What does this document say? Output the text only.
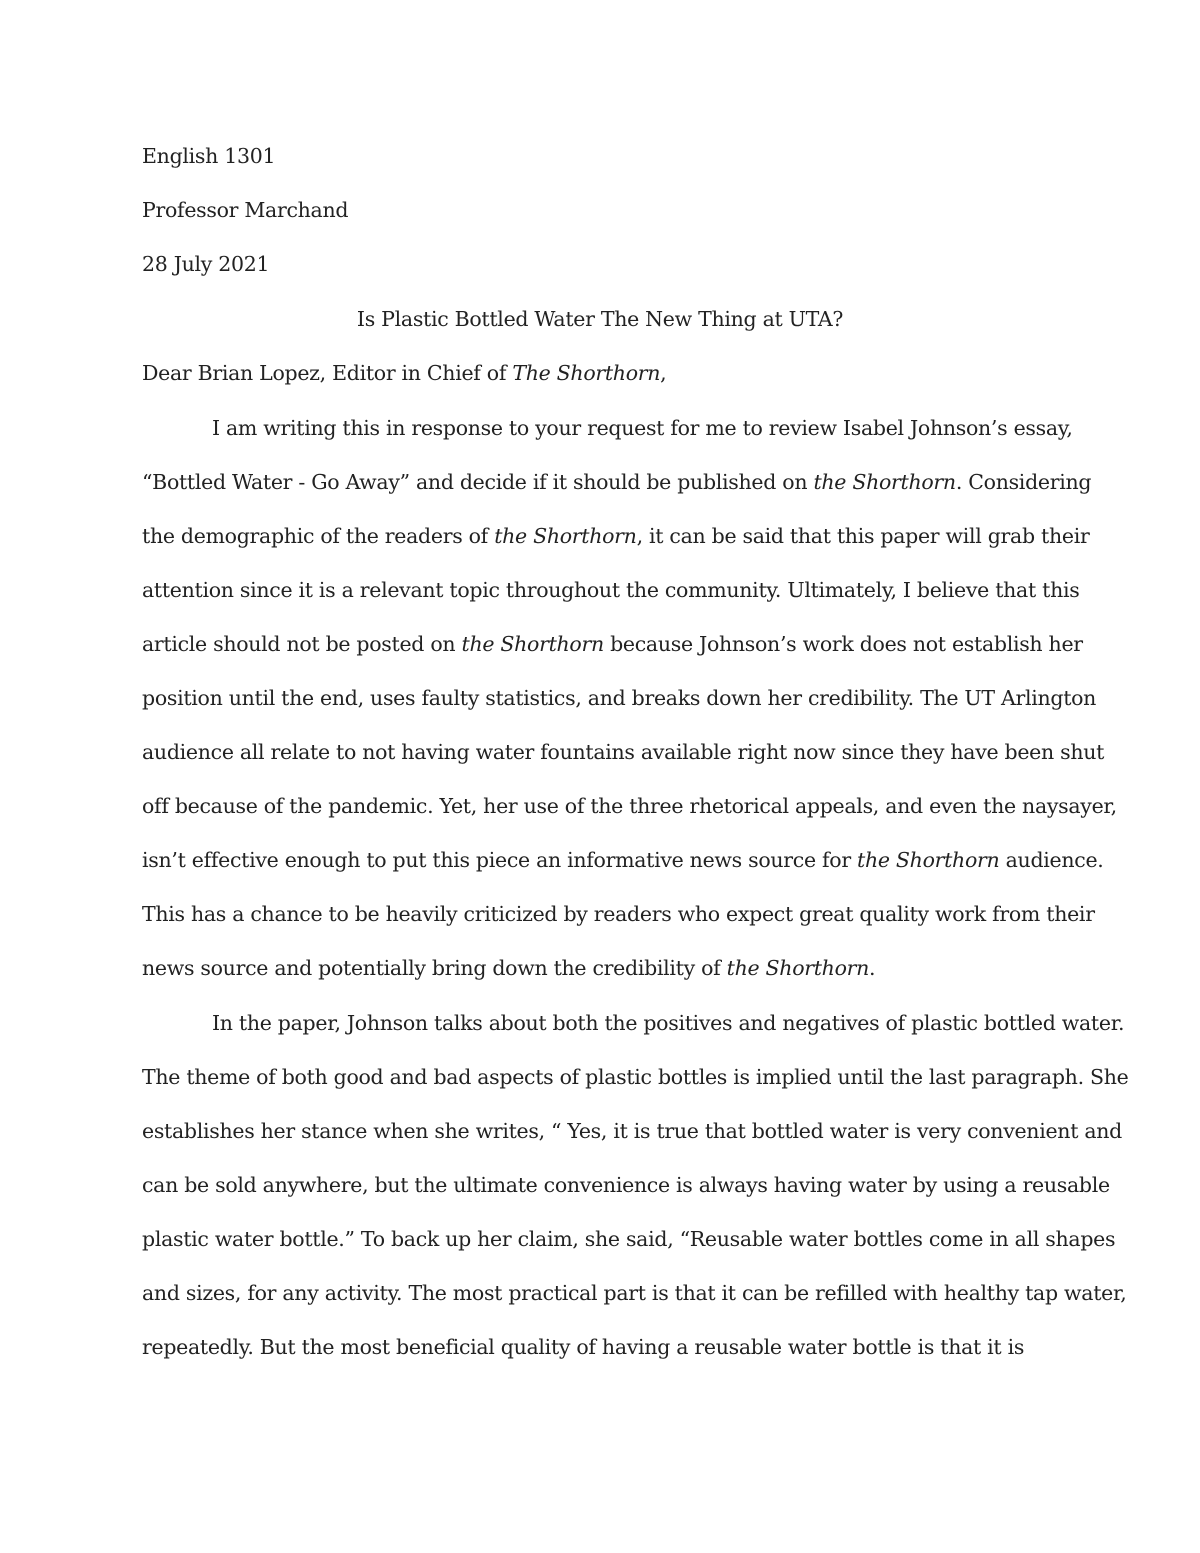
English 1301
Professor Marchand
28 July 2021
Is Plastic Bottled Water The New Thing at UTA?
Dear Brian Lopez, Editor in Chief of The Shorthorn,
I am writing this in response to your request for me to review Isabel Johnson’s essay,
“Bottled Water - Go Away” and decide if it should be published on the Shorthorn. Considering
the demographic of the readers of the Shorthorn, it can be said that this paper will grab their
attention since it is a relevant topic throughout the community. Ultimately, I believe that this
article should not be posted on the Shorthorn because Johnson’s work does not establish her
position until the end, uses faulty statistics, and breaks down her credibility. The UT Arlington
audience all relate to not having water fountains available right now since they have been shut
off because of the pandemic. Yet, her use of the three rhetorical appeals, and even the naysayer,
isn’t effective enough to put this piece an informative news source for the Shorthorn audience.
This has a chance to be heavily criticized by readers who expect great quality work from their
news source and potentially bring down the credibility of the Shorthorn.
In the paper, Johnson talks about both the positives and negatives of plastic bottled water.
The theme of both good and bad aspects of plastic bottles is implied until the last paragraph. She
establishes her stance when she writes, “ Yes, it is true that bottled water is very convenient and
can be sold anywhere, but the ultimate convenience is always having water by using a reusable
plastic water bottle.” To back up her claim, she said, “Reusable water bottles come in all shapes
and sizes, for any activity. The most practical part is that it can be refilled with healthy tap water,
repeatedly. But the most beneficial quality of having a reusable water bottle is that it is
